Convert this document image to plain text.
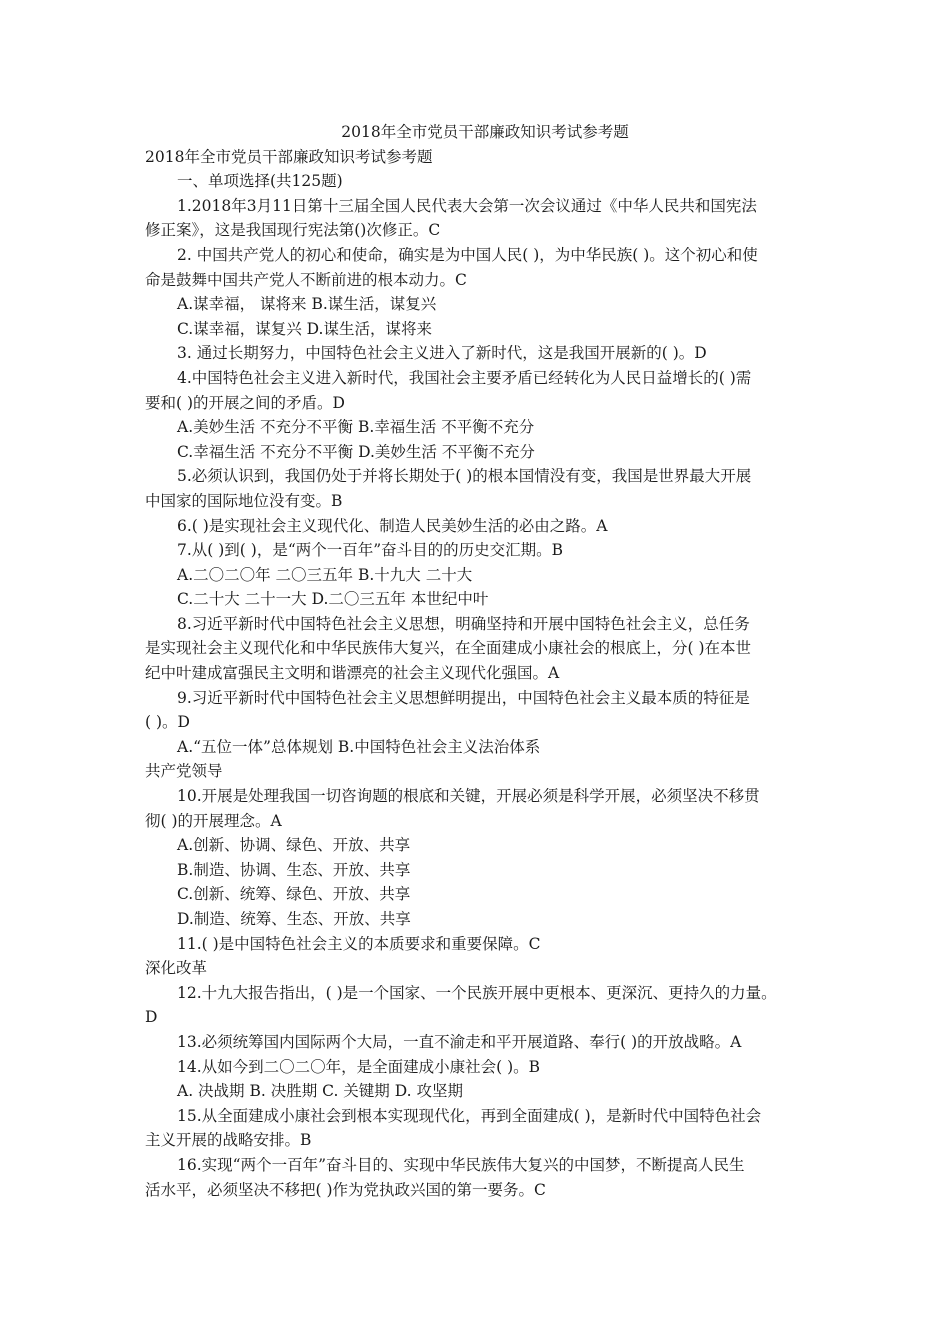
2018年全市党员干部廉政知识考试参考题
2018年全市党员干部廉政知识考试参考题
一、单项选择(共125题)
1.2018年3月11日第十三届全国人民代表大会第一次会议通过《中华人民共和国宪法
修正案》，这是我国现行宪法第()次修正。C
2. 中国共产党人的初心和使命，确实是为中国人民( )，为中华民族( )。这个初心和使
命是鼓舞中国共产党人不断前进的根本动力。C
A.谋幸福， 谋将来 B.谋生活，谋复兴
C.谋幸福，谋复兴 D.谋生活，谋将来
3. 通过长期努力，中国特色社会主义进入了新时代，这是我国开展新的( )。D
4.中国特色社会主义进入新时代，我国社会主要矛盾已经转化为人民日益增长的( )需
要和( )的开展之间的矛盾。D
A.美妙生活 不充分不平衡 B.幸福生活 不平衡不充分
C.幸福生活 不充分不平衡 D.美妙生活 不平衡不充分
5.必须认识到，我国仍处于并将长期处于( )的根本国情没有变，我国是世界最大开展
中国家的国际地位没有变。B
6.( )是实现社会主义现代化、制造人民美妙生活的必由之路。A
7.从( )到( )，是“两个一百年”奋斗目的的历史交汇期。B
A.二〇二〇年 二〇三五年 B.十九大 二十大
C.二十大 二十一大 D.二〇三五年 本世纪中叶
8.习近平新时代中国特色社会主义思想，明确坚持和开展中国特色社会主义，总任务
是实现社会主义现代化和中华民族伟大复兴，在全面建成小康社会的根底上，分( )在本世
纪中叶建成富强民主文明和谐漂亮的社会主义现代化强国。A
9.习近平新时代中国特色社会主义思想鲜明提出，中国特色社会主义最本质的特征是
( )。D
A.“五位一体”总体规划 B.中国特色社会主义法治体系
共产党领导
10.开展是处理我国一切咨询题的根底和关键，开展必须是科学开展，必须坚决不移贯
彻( )的开展理念。A
A.创新、协调、绿色、开放、共享
B.制造、协调、生态、开放、共享
C.创新、统筹、绿色、开放、共享
D.制造、统筹、生态、开放、共享
11.( )是中国特色社会主义的本质要求和重要保障。C
深化改革
12.十九大报告指出，( )是一个国家、一个民族开展中更根本、更深沉、更持久的力量。
D
13.必须统筹国内国际两个大局，一直不渝走和平开展道路、奉行( )的开放战略。A
14.从如今到二〇二〇年，是全面建成小康社会( )。B
A. 决战期 B. 决胜期 C. 关键期 D. 攻坚期
15.从全面建成小康社会到根本实现现代化，再到全面建成( )，是新时代中国特色社会
主义开展的战略安排。B
16.实现“两个一百年”奋斗目的、实现中华民族伟大复兴的中国梦，不断提高人民生
活水平，必须坚决不移把( )作为党执政兴国的第一要务。C
